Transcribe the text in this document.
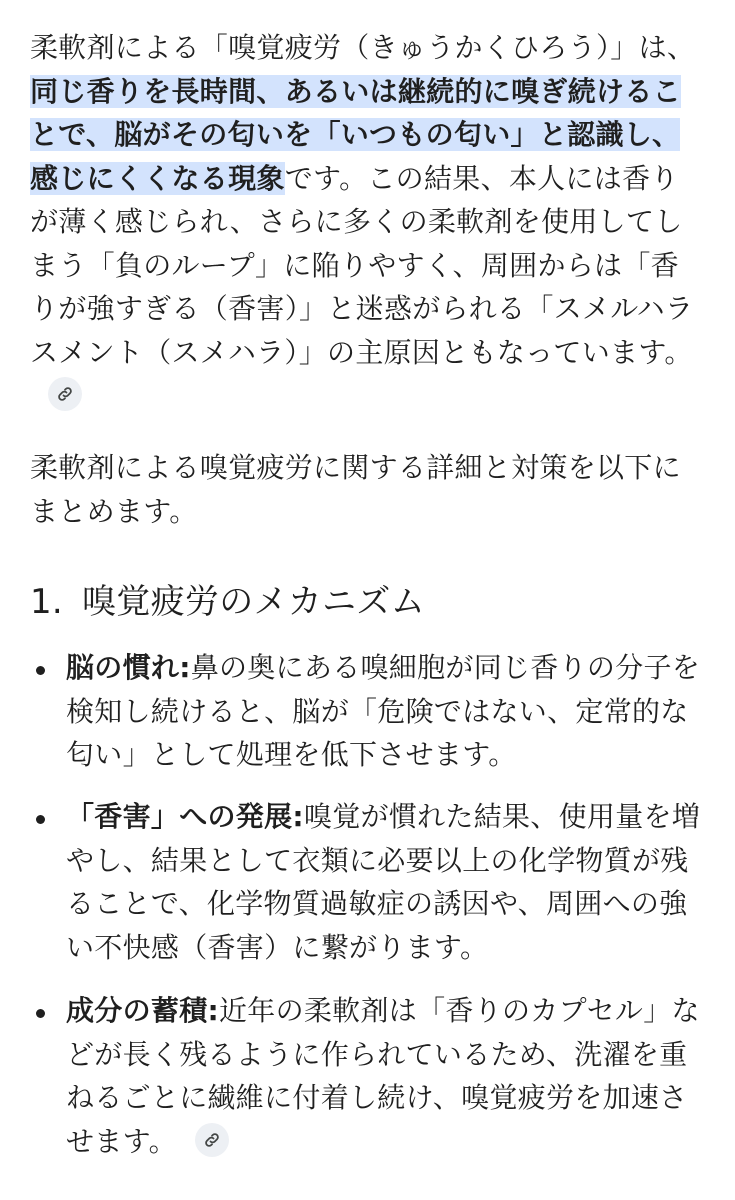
柔軟剤による「嗅覚疲労（きゅうかくひろう）」は、同じ香りを長時間、あるいは継続的に嗅ぎ続けることで、脳がその匂いを「いつもの匂い」と認識し、感じにくくなる現象です。この結果、本人には香りが薄く感じられ、さらに多くの柔軟剤を使用してしまう「負のループ」に陥りやすく、周囲からは「香りが強すぎる（香害）」と迷惑がられる「スメルハラスメント（スメハラ）」の主原因ともなっています。

柔軟剤による嗅覚疲労に関する詳細と対策を以下にまとめます。

1. 嗅覚疲労のメカニズム

脳の慣れ:鼻の奥にある嗅細胞が同じ香りの分子を検知し続けると、脳が「危険ではない、定常的な匂い」として処理を低下させます。

「香害」への発展:嗅覚が慣れた結果、使用量を増やし、結果として衣類に必要以上の化学物質が残ることで、化学物質過敏症の誘因や、周囲への強い不快感（香害）に繋がります。

成分の蓄積:近年の柔軟剤は「香りのカプセル」などが長く残るように作られているため、洗濯を重ねるごとに繊維に付着し続け、嗅覚疲労を加速させます。
